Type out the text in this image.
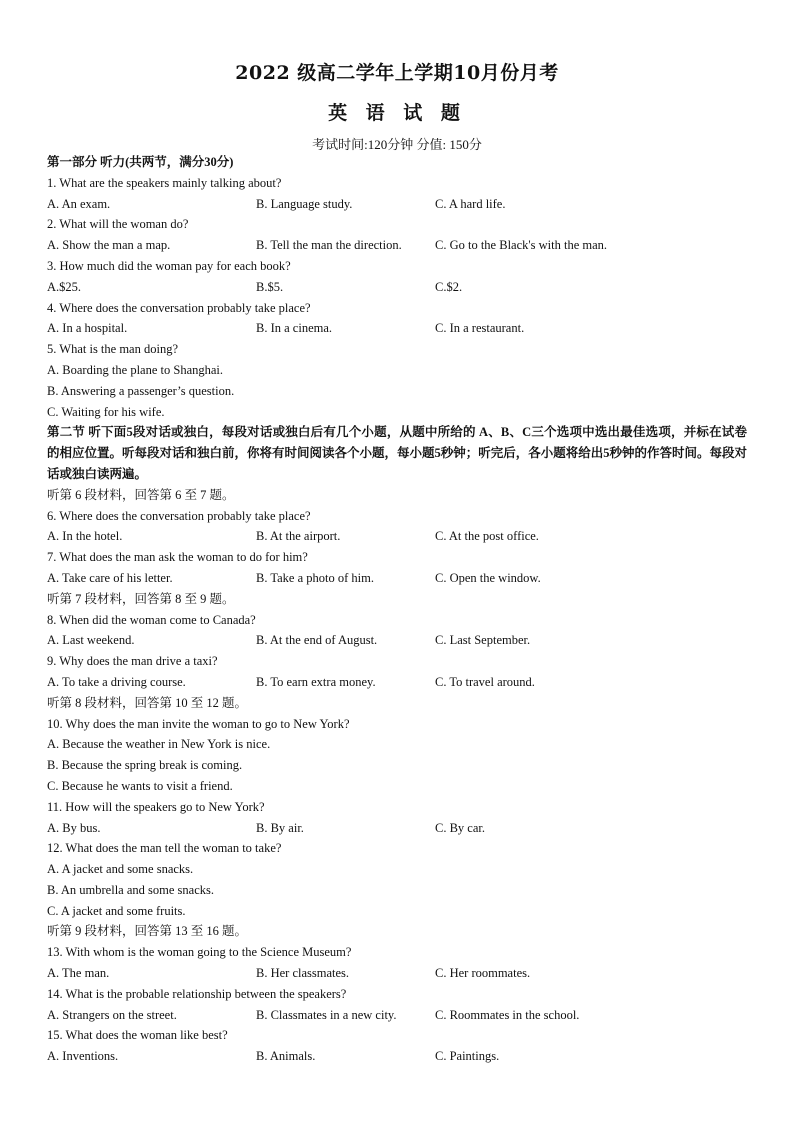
2022 级高二学年上学期10月份月考
英 语 试 题
考试时间:120分钟 分值: 150分
第一部分 听力(共两节，满分30分)
1. What are the speakers mainly talking about?
A. An exam.	B. Language study.	C. A hard life.
2. What will the woman do?
A. Show the man a map.	B. Tell the man the direction.	C. Go to the Black's with the man.
3. How much did the woman pay for each book?
A.$25.	B.$5.	C.$2.
4. Where does the conversation probably take place?
A. In a hospital.	B. In a cinema.	C. In a restaurant.
5. What is the man doing?
A. Boarding the plane to Shanghai.
B. Answering a passenger’s question.
C. Waiting for his wife.
第二节 听下面5段对话或独白，每段对话或独白后有几个小题，从题中所给的 A、B、C三个选项中选出最佳选项，并标在试卷的相应位置。听每段对话和独白前，你将有时间阅读各个小题，每小题5秒钟；听完后，各小题将给出5秒钟的作答时间。每段对话或独白读两遍。
听第 6 段材料，回答第 6 至 7 题。
6. Where does the conversation probably take place?
A. In the hotel.	B. At the airport.	C. At the post office.
7. What does the man ask the woman to do for him?
A. Take care of his letter.	B. Take a photo of him.	C. Open the window.
听第 7 段材料，回答第 8 至 9 题。
8. When did the woman come to Canada?
A. Last weekend.	B. At the end of August.	C. Last September.
9. Why does the man drive a taxi?
A. To take a driving course.	B. To earn extra money.	C. To travel around.
听第 8 段材料，回答第 10 至 12 题。
10. Why does the man invite the woman to go to New York?
A. Because the weather in New York is nice.
B. Because the spring break is coming.
C. Because he wants to visit a friend.
11. How will the speakers go to New York?
A. By bus.	B. By air.	C. By car.
12. What does the man tell the woman to take?
A. A jacket and some snacks.
B. An umbrella and some snacks.
C. A jacket and some fruits.
听第 9 段材料，回答第 13 至 16 题。
13. With whom is the woman going to the Science Museum?
A. The man.	B. Her classmates.	C. Her roommates.
14. What is the probable relationship between the speakers?
A. Strangers on the street.	B. Classmates in a new city.	C. Roommates in the school.
15. What does the woman like best?
A. Inventions.	B. Animals.	C. Paintings.
